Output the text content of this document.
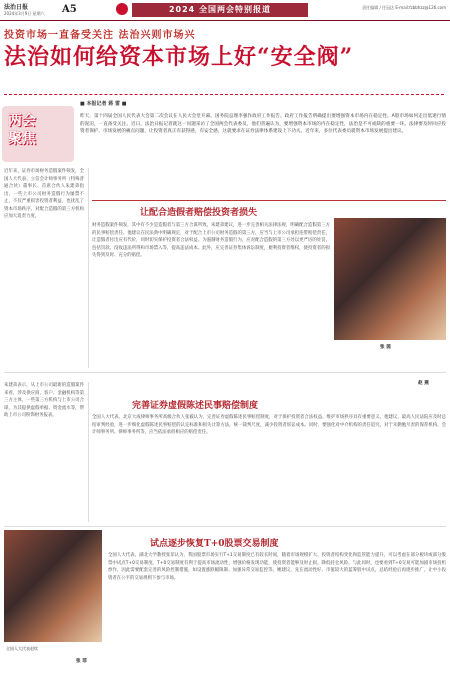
法治日报
2024年3月9日 星期六 A5	2024 全国两会特别报道	责任编辑 / 任冠达 E-mail:fzbbhzz@126.com
投资市场一直备受关注 法治兴则市场兴
法治如何给资本市场上好“安全阀”
两会
聚焦
■ 本报记者 蒋 雷 ■
昨天，第十四届全国人民代表大会第二次会议在人民大会堂开幕。国务院总理李强作政府工作报告。政府工作报告明确提出要增强资本市场内在稳定性。A股市场如何走出低迷行情的泥沼，一直备受关注。近日，法治日报记者就这一问题采访了全国两会代表委员，他们普遍认为，要增强资本市场的内在稳定性，法治是不可或缺的重要一环。法律要及时回应投资者保护、市场发展的痛点问题，让投资者真正有获得感，有安全感，这就要求在证券法律体系建设上下功夫。近年来，多位代表委员就资本市场发展提出建议。
近年来，证券市场财务造假案件频发，全国人大代表、立信会计师事务所（特殊普通合伙）董事长、首席合伙人朱建弟指出，一些上市公司财务造假行为屡禁不止，不仅严重损害投资者利益，也扰乱了资本市场秩序。对配合造假的第三方机构应加大追责力度。	让配合造假者赔偿投资者损失
财务造假案件频发，其中有不少是造假者与第三方合谋所致。朱建弟建议，进一步完善相关法律法规，明确配合造假第三方的民事赔偿责任。他建议在民法典中明确规定，对于配合上市公司财务造假的第三方，应当与上市公司承担连带赔偿责任，让造假者付出应有代价，同时切实保护投资者合法权益。为遏制财务造假行为，应对配合造假的第三方处以更严厉的处罚，包括罚款、没收违法所得和市场禁入等，提高违法成本。此外，应完善证券集体诉讼制度，便利投资者维权，使投资者的损失得到及时、充分的赔偿。
张 茵
朱建弟表示，从上市公司最新的造假案件来看，涉及供应商、客户、金融机构等第三方主体，一些第三方机构与上市公司合谋，为其提供虚假单据、资金流水等，帮助上市公司粉饰财务报表。
完善证券虚假陈述民事赔偿制度
赵 燕
全国人大代表、北京大成律师事务所高级合伙人张毅认为，完善证券虚假陈述民事赔偿制度，对于保护投资者合法权益、维护市场秩序具有重要意义。他建议，最高人民法院应及时总结审判经验，进一步细化虚假陈述民事赔偿的认定标准和损失计算方法，统一裁判尺度，减少投资者诉讼成本。同时，要强化对中介机构的责任追究，对于未勤勉尽责的保荐机构、会计师事务所、律师事务所等，应当依法承担相应的赔偿责任。
全国人大代表赵钦
张 菲
试点逐步恢复T+0股票交易制度
全国人大代表、湖北大学教授张菲认为，我国股票市场实行T+1交易制度已有较长时间，随着市场规模扩大、投资者结构变化和监管能力提升，可以考虑在部分板块或部分股票中试点T+0交易制度。T+0交易制度有利于提高市场流动性，增强价格发现功能，使投资者能够及时止损，降低持仓风险。与此同时，也要看到T+0交易可能加剧市场投机炒作，因此需要配套完善的风险控制措施，如设置涨跌幅限制、加强异常交易监控等。她建议，先在流动性好、市值较大的蓝筹股中试点，总结经验后再逐步推广，让中小投资者在公平的交易规则下参与市场。
